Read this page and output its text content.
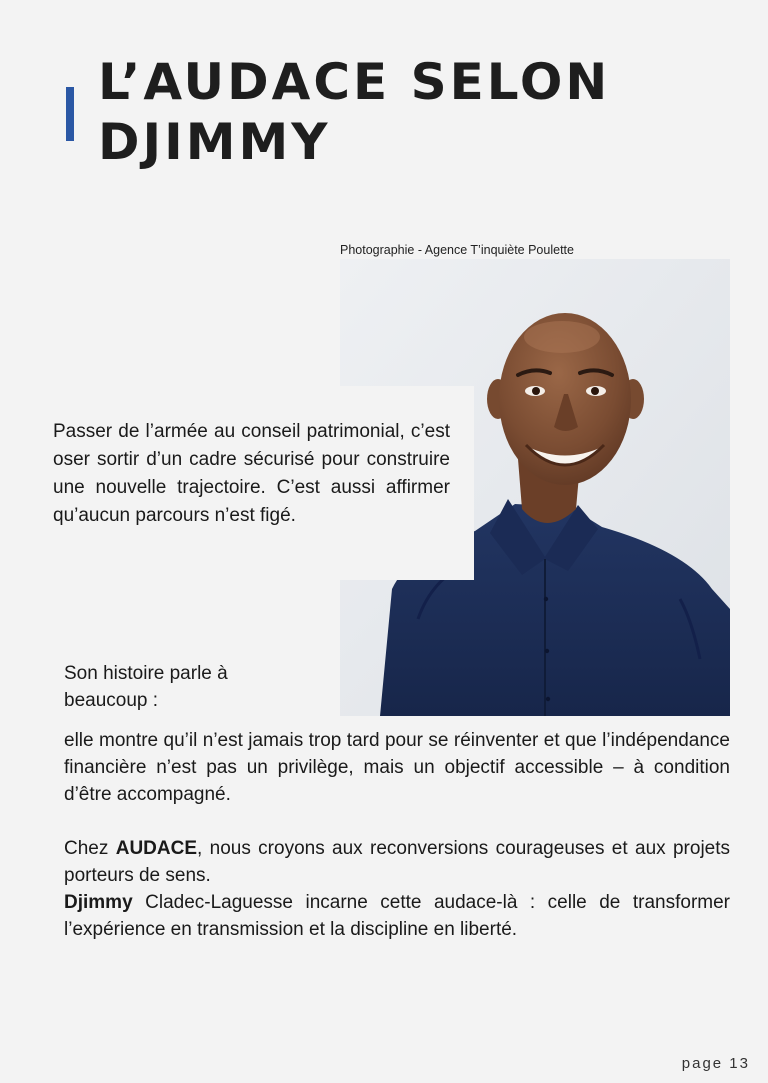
L’AUDACE SELON
DJIMMY
Photographie - Agence T’inquiète Poulette

Passer de l’armée au conseil patrimonial, c’est oser sortir d’un cadre sécurisé pour construire une nouvelle trajectoire. C’est aussi affirmer qu’aucun parcours n’est figé.

Son histoire parle à beaucoup :

elle montre qu’il n’est jamais trop tard pour se réinventer et que l’indépendance financière n’est pas un privilège, mais un objectif accessible – à condition d’être accompagné.

Chez AUDACE, nous croyons aux reconversions courageuses et aux projets porteurs de sens.

Djimmy Cladec-Laguesse incarne cette audace-là : celle de transformer l’expérience en transmission et la discipline en liberté.

page 13
